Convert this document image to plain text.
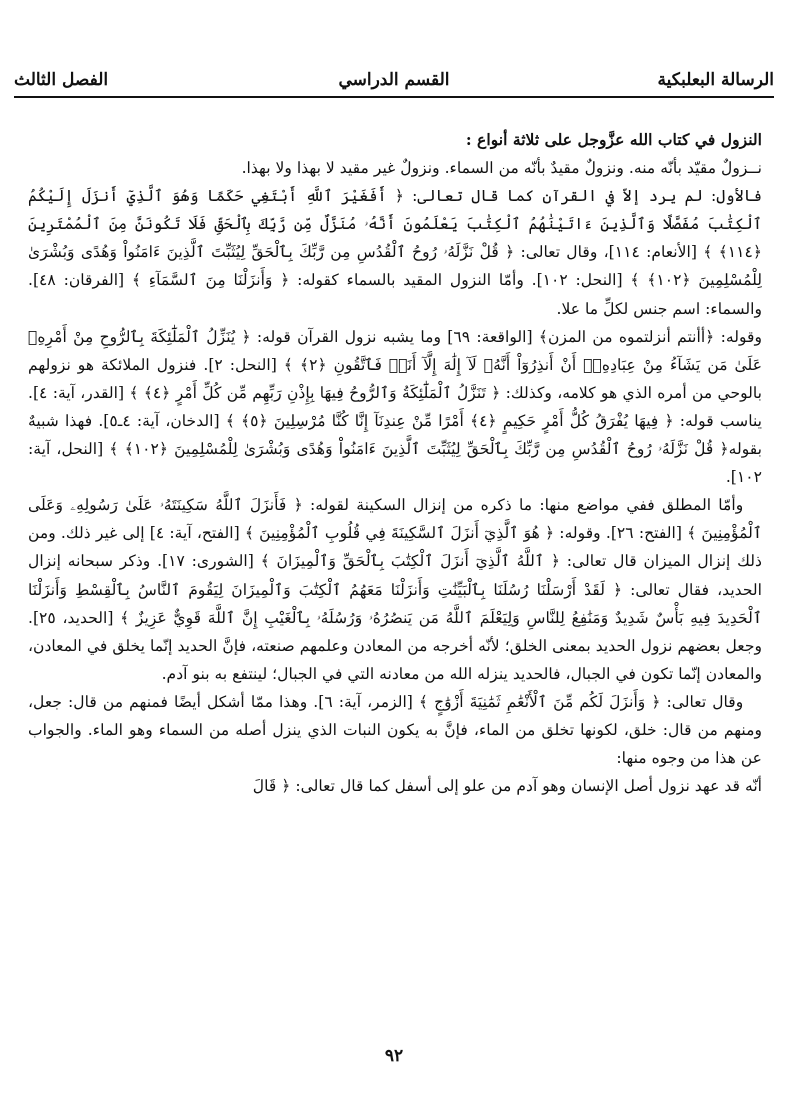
الرسالة البعلبكية
القسم الدراسي
الفصل الثالث

النزول في كتاب الله عزَّوجل على ثلاثة أنواع :

نــزولٌ مقيّد بأنّه منه. ونزولٌ مقيدٌ بأنّه من السماء. ونزولٌ غير مقيد لا بهذا ولا بهذا.

فالأول: لم يرد إلاّ في القرآن كما قال تعالى: ﴿ أَفَغَيْرَ ٱللَّهِ أَبْتَغِي حَكَمًا وَهُوَ ٱلَّذِيٓ أَنزَلَ إِلَيْكُمُ ٱلْكِتَٰبَ مُفَصَّلًا وَٱلَّذِينَ ءَاتَيْنَٰهُمُ ٱلْكِتَٰبَ يَعْلَمُونَ أَنَّهُۥ مُنَزَّلٌ مِّن رَّبِّكَ بِٱلْحَقِّ فَلَا تَكُونَنَّ مِنَ ٱلْمُمْتَرِينَ ﴿١١٤﴾ ﴾ [الأنعام: ١١٤]، وقال تعالى: ﴿ قُلْ نَزَّلَهُۥ رُوحُ ٱلْقُدُسِ مِن رَّبِّكَ بِٱلْحَقِّ لِيُثَبِّتَ ٱلَّذِينَ ءَامَنُواْ وَهُدًى وَبُشْرَىٰ لِلْمُسْلِمِينَ ﴿١٠٢﴾ ﴾ [النحل: ١٠٢]. وأمّا النزول المقيد بالسماء كقوله: ﴿ وَأَنزَلْنَا مِنَ ٱلسَّمَآءِ ﴾ [الفرقان: ٤٨]. والسماء: اسم جنس لكلِّ ما علا.

وقوله: ﴿أأنتم أنزلتموه من المزن﴾ [الواقعة: ٦٩] وما يشبه نزول القرآن قوله: ﴿ يُنَزِّلُ ٱلْمَلَٰٓئِكَةَ بِٱلرُّوحِ مِنْ أَمْرِهِۦ عَلَىٰ مَن يَشَآءُ مِنْ عِبَادِهِۦٓ أَنْ أَنذِرُوٓاْ أَنَّهُۥ لَآ إِلَٰهَ إِلَّآ أَنَا۠ فَٱتَّقُونِ ﴿٢﴾ ﴾ [النحل: ٢]. فنزول الملائكة هو نزولهم بالوحي من أمره الذي هو كلامه، وكذلك: ﴿ تَنَزَّلُ ٱلْمَلَٰٓئِكَةُ وَٱلرُّوحُ فِيهَا بِإِذْنِ رَبِّهِم مِّن كُلِّ أَمْرٍ ﴿٤﴾ ﴾ [القدر، آية: ٤]. يناسب قوله: ﴿ فِيهَا يُفْرَقُ كُلُّ أَمْرٍ حَكِيمٍ ﴿٤﴾ أَمْرًا مِّنْ عِندِنَآ إِنَّا كُنَّا مُرْسِلِينَ ﴿٥﴾ ﴾ [الدخان، آية: ٤ـ٥]. فهذا شبيهٌ بقوله﴿ قُلْ نَزَّلَهُۥ رُوحُ ٱلْقُدُسِ مِن رَّبِّكَ بِٱلْحَقِّ لِيُثَبِّتَ ٱلَّذِينَ ءَامَنُواْ وَهُدًى وَبُشْرَىٰ لِلْمُسْلِمِينَ ﴿١٠٢﴾ ﴾ [النحل، آية: ١٠٢].

وأمّا المطلق ففي مواضع منها: ما ذكره من إنزال السكينة لقوله: ﴿ فَأَنزَلَ ٱللَّهُ سَكِينَتَهُۥ عَلَىٰ رَسُولِهِۦ وَعَلَى ٱلْمُؤْمِنِينَ ﴾ [الفتح: ٢٦]. وقوله: ﴿ هُوَ ٱلَّذِيٓ أَنزَلَ ٱلسَّكِينَةَ فِي قُلُوبِ ٱلْمُؤْمِنِينَ ﴾ [الفتح، آية: ٤] إلى غير ذلك. ومن ذلك إنزال الميزان قال تعالى: ﴿ ٱللَّهُ ٱلَّذِيٓ أَنزَلَ ٱلْكِتَٰبَ بِٱلْحَقِّ وَٱلْمِيزَانَ ﴾ [الشورى: ١٧]. وذكر سبحانه إنزال الحديد، فقال تعالى: ﴿ لَقَدْ أَرْسَلْنَا رُسُلَنَا بِٱلْبَيِّنَٰتِ وَأَنزَلْنَا مَعَهُمُ ٱلْكِتَٰبَ وَٱلْمِيزَانَ لِيَقُومَ ٱلنَّاسُ بِٱلْقِسْطِ وَأَنزَلْنَا ٱلْحَدِيدَ فِيهِ بَأْسٌ شَدِيدٌ وَمَنَٰفِعُ لِلنَّاسِ وَلِيَعْلَمَ ٱللَّهُ مَن يَنصُرُهُۥ وَرُسُلَهُۥ بِٱلْغَيْبِ إِنَّ ٱللَّهَ قَوِيٌّ عَزِيزٌ ﴾ [الحديد، ٢٥]. وجعل بعضهم نزول الحديد بمعنى الخلق؛ لأنّه أخرجه من المعادن وعلمهم صنعته، فإنَّ الحديد إنّما يخلق في المعادن، والمعادن إنّما تكون في الجبال، فالحديد ينزله الله من معادنه التي في الجبال؛ لينتفع به بنو آدم.

وقال تعالى: ﴿ وَأَنزَلَ لَكُم مِّنَ ٱلْأَنْعَٰمِ ثَمَٰنِيَةَ أَزْوَٰجٍ ﴾ [الزمر، آية: ٦]. وهذا ممّا أشكل أيضًا فمنهم من قال: جعل، ومنهم من قال: خلق، لكونها تخلق من الماء، فإنَّ به يكون النبات الذي ينزل أصله من السماء وهو الماء. والجواب عن هذا من وجوه منها:

أنّه قد عهد نزول أصل الإنسان وهو آدم من علو إلى أسفل كما قال تعالى: ﴿ قَالَ

٩٢
